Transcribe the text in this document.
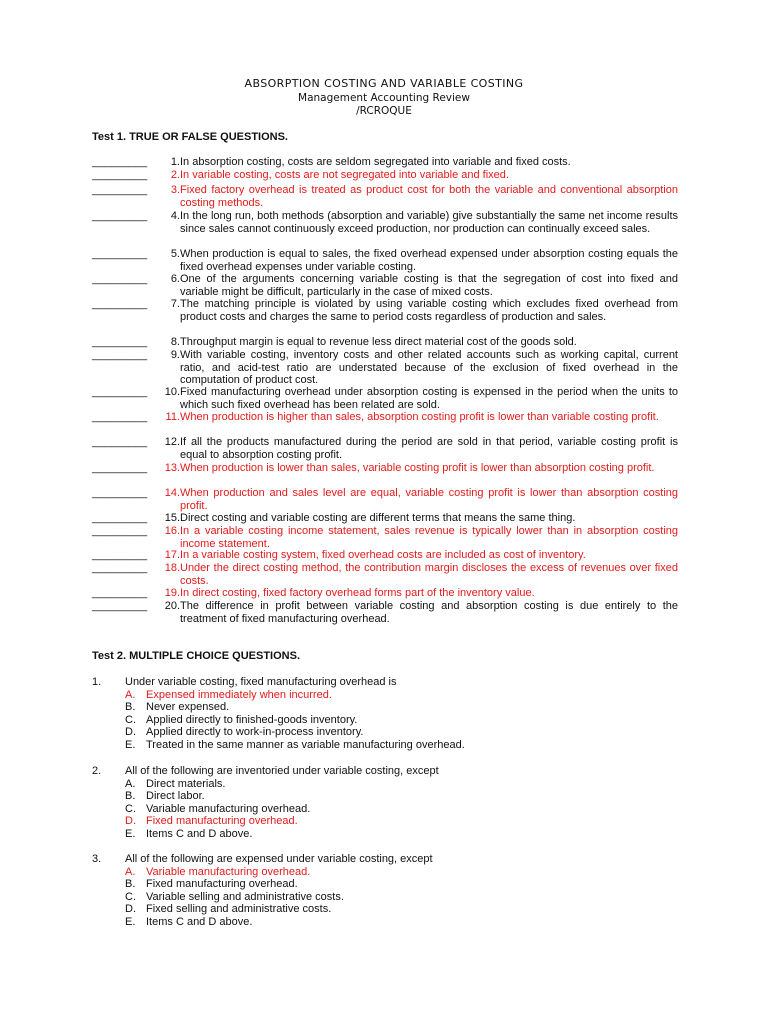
ABSORPTION COSTING AND VARIABLE COSTING
Management Accounting Review
/RCROQUE
Test 1. TRUE OR FALSE QUESTIONS.
_________	1. In absorption costing, costs are seldom segregated into variable and fixed costs.
_________	2. In variable costing, costs are not segregated into variable and fixed.
_________	3. Fixed factory overhead is treated as product cost for both the variable and conventional absorption costing methods.
_________	4. In the long run, both methods (absorption and variable) give substantially the same net income results since sales cannot continuously exceed production, nor production can continually exceed sales.
_________	5. When production is equal to sales, the fixed overhead expensed under absorption costing equals the fixed overhead expenses under variable costing.
_________	6. One of the arguments concerning variable costing is that the segregation of cost into fixed and variable might be difficult, particularly in the case of mixed costs.
_________	7. The matching principle is violated by using variable costing which excludes fixed overhead from product costs and charges the same to period costs regardless of production and sales.
_________	8. Throughput margin is equal to revenue less direct material cost of the goods sold.
_________	9. With variable costing, inventory costs and other related accounts such as working capital, current ratio, and acid-test ratio are understated because of the exclusion of fixed overhead in the computation of product cost.
_________	10. Fixed manufacturing overhead under absorption costing is expensed in the period when the units to which such fixed overhead has been related are sold.
_________	11. When production is higher than sales, absorption costing profit is lower than variable costing profit.
_________	12. If all the products manufactured during the period are sold in that period, variable costing profit is equal to absorption costing profit.
_________	13. When production is lower than sales, variable costing profit is lower than absorption costing profit.
_________	14. When production and sales level are equal, variable costing profit is lower than absorption costing profit.
_________	15. Direct costing and variable costing are different terms that means the same thing.
_________	16. In a variable costing income statement, sales revenue is typically lower than in absorption costing income statement.
_________	17. In a variable costing system, fixed overhead costs are included as cost of inventory.
_________	18. Under the direct costing method, the contribution margin discloses the excess of revenues over fixed costs.
_________	19. In direct costing, fixed factory overhead forms part of the inventory value.
_________	20. The difference in profit between variable costing and absorption costing is due entirely to the treatment of fixed manufacturing overhead.
Test 2. MULTIPLE CHOICE QUESTIONS.
1. Under variable costing, fixed manufacturing overhead is
A. Expensed immediately when incurred.
B. Never expensed.
C. Applied directly to finished-goods inventory.
D. Applied directly to work-in-process inventory.
E. Treated in the same manner as variable manufacturing overhead.
2. All of the following are inventoried under variable costing, except
A. Direct materials.
B. Direct labor.
C. Variable manufacturing overhead.
D. Fixed manufacturing overhead.
E. Items C and D above.
3. All of the following are expensed under variable costing, except
A. Variable manufacturing overhead.
B. Fixed manufacturing overhead.
C. Variable selling and administrative costs.
D. Fixed selling and administrative costs.
E. Items C and D above.
